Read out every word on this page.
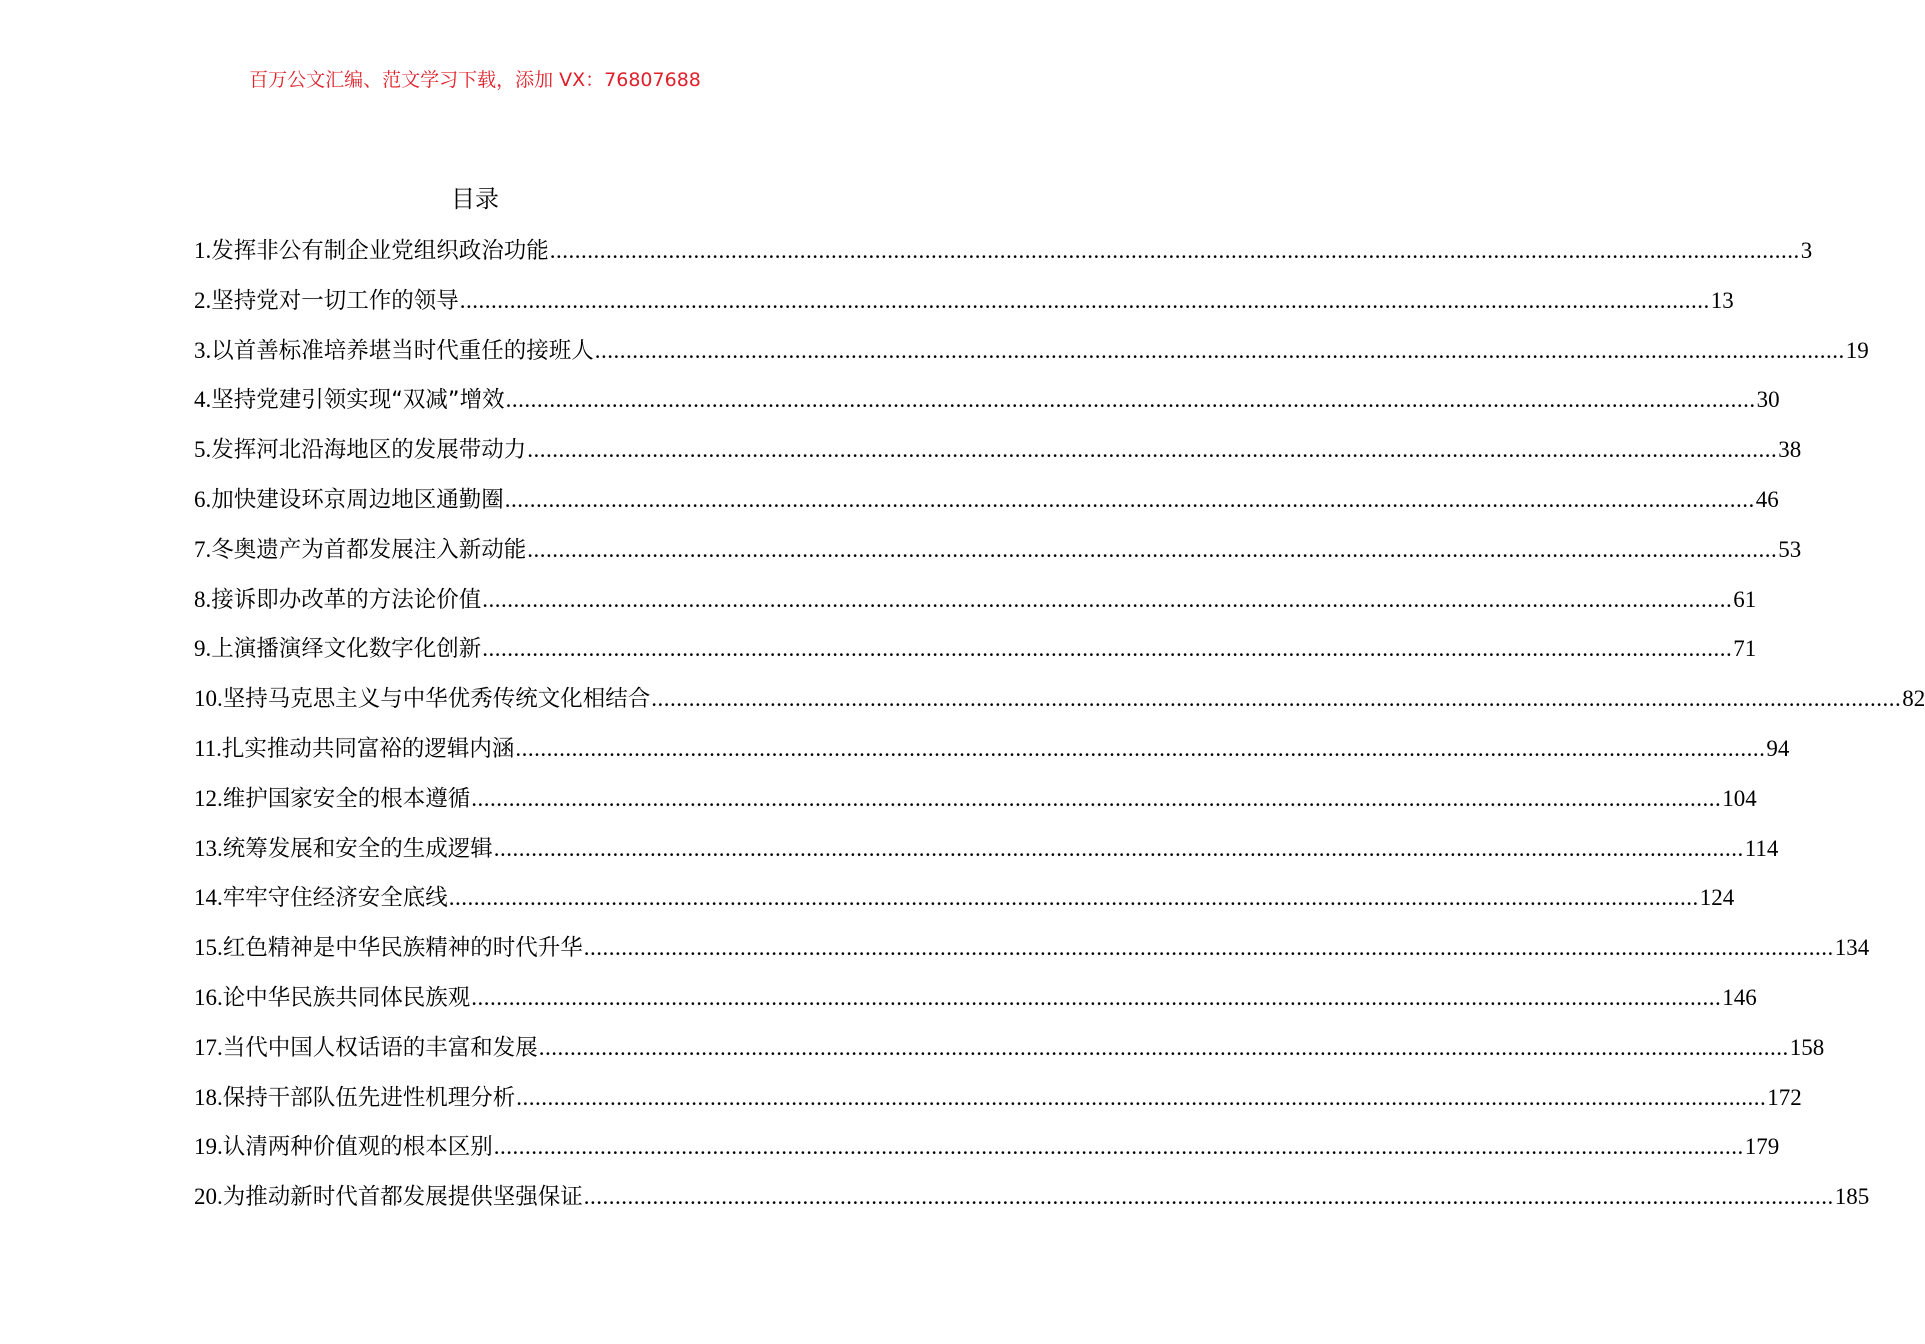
百万公文汇编、范文学习下载，添加 VX：76807688
目录
1. 发挥非公有制企业党组织政治功能 ........................................................................................................................................................................................................ 3
2. 坚持党对一切工作的领导 ........................................................................................................................................................................................................ 13
3. 以首善标准培养堪当时代重任的接班人 ........................................................................................................................................................................................................ 19
4. 坚持党建引领实现“双减”增效 ........................................................................................................................................................................................................ 30
5. 发挥河北沿海地区的发展带动力 ........................................................................................................................................................................................................ 38
6. 加快建设环京周边地区通勤圈 ........................................................................................................................................................................................................ 46
7. 冬奥遗产为首都发展注入新动能 ........................................................................................................................................................................................................ 53
8. 接诉即办改革的方法论价值 ........................................................................................................................................................................................................ 61
9. 上演播演绎文化数字化创新 ........................................................................................................................................................................................................ 71
10. 坚持马克思主义与中华优秀传统文化相结合 ........................................................................................................................................................................................................ 82
11. 扎实推动共同富裕的逻辑内涵 ........................................................................................................................................................................................................ 94
12. 维护国家安全的根本遵循 ........................................................................................................................................................................................................ 104
13. 统筹发展和安全的生成逻辑 ........................................................................................................................................................................................................ 114
14. 牢牢守住经济安全底线 ........................................................................................................................................................................................................ 124
15. 红色精神是中华民族精神的时代升华 ........................................................................................................................................................................................................ 134
16. 论中华民族共同体民族观 ........................................................................................................................................................................................................ 146
17. 当代中国人权话语的丰富和发展 ........................................................................................................................................................................................................ 158
18. 保持干部队伍先进性机理分析 ........................................................................................................................................................................................................ 172
19. 认清两种价值观的根本区别 ........................................................................................................................................................................................................ 179
20. 为推动新时代首都发展提供坚强保证 ........................................................................................................................................................................................................ 185
